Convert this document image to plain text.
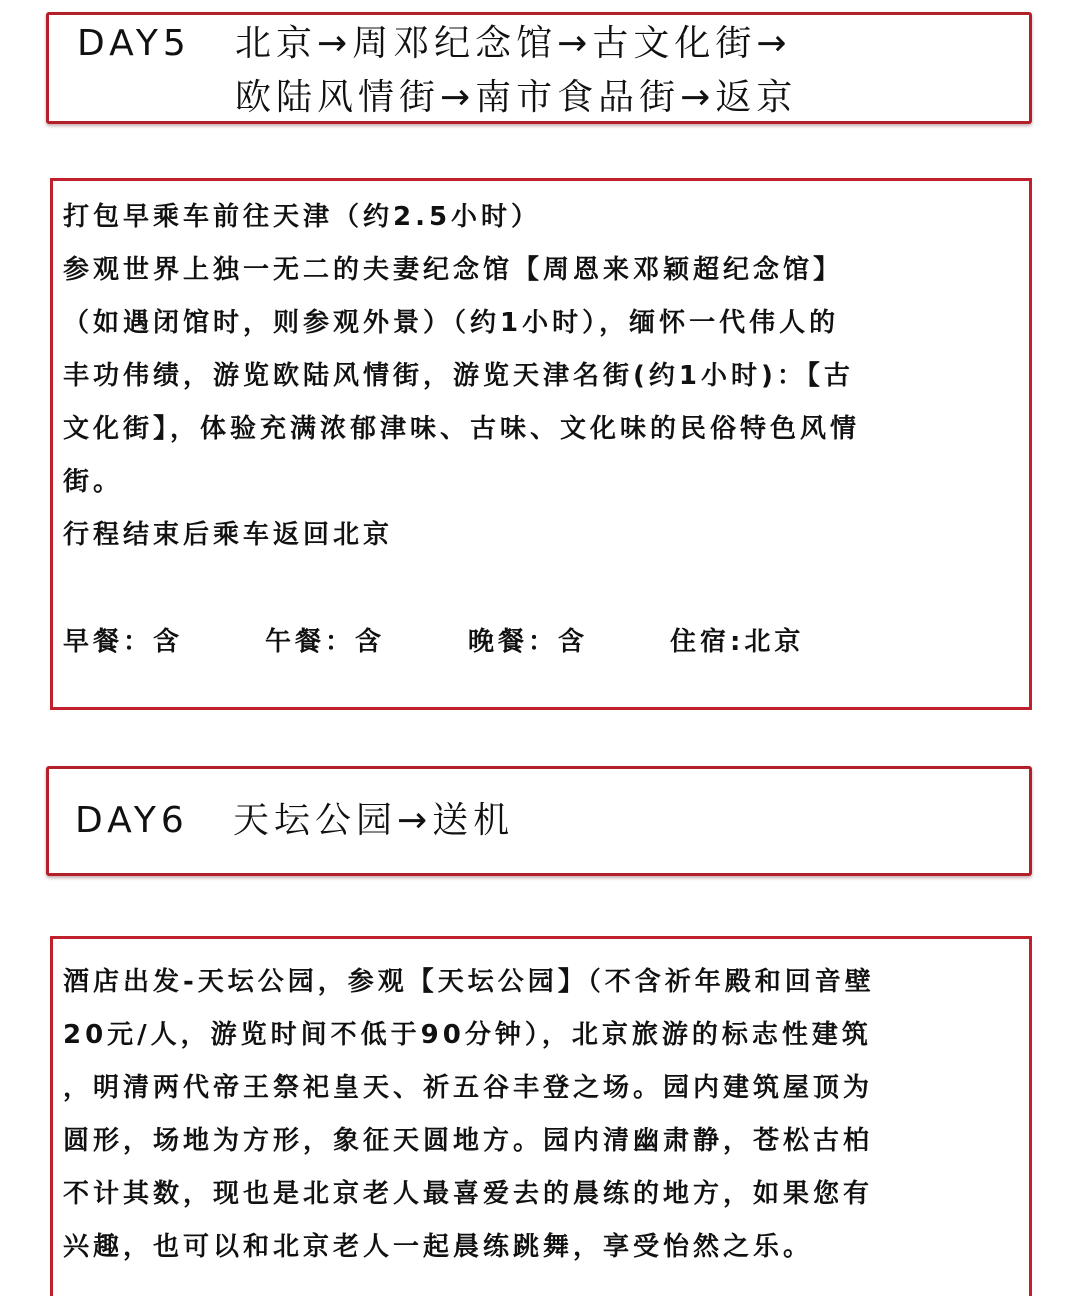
DAY5 北京→周邓纪念馆→古文化街→
欧陆风情街→南市食品街→返京
打包早乘车前往天津（约2.5小时）
参观世界上独一无二的夫妻纪念馆【周恩来邓颖超纪念馆】
（如遇闭馆时，则参观外景）（约1小时），缅怀一代伟人的
丰功伟绩，游览欧陆风情街，游览天津名街(约1小时)：【古
文化街】，体验充满浓郁津味、古味、文化味的民俗特色风情
街。
行程结束后乘车返回北京
早餐：含	午餐：含	晚餐：含	住宿:北京
DAY6 天坛公园→送机
酒店出发-天坛公园，参观【天坛公园】（不含祈年殿和回音壁
20元/人，游览时间不低于90分钟），北京旅游的标志性建筑
，明清两代帝王祭祀皇天、祈五谷丰登之场。园内建筑屋顶为
圆形，场地为方形，象征天圆地方。园内清幽肃静，苍松古柏
不计其数，现也是北京老人最喜爱去的晨练的地方，如果您有
兴趣，也可以和北京老人一起晨练跳舞，享受怡然之乐。
